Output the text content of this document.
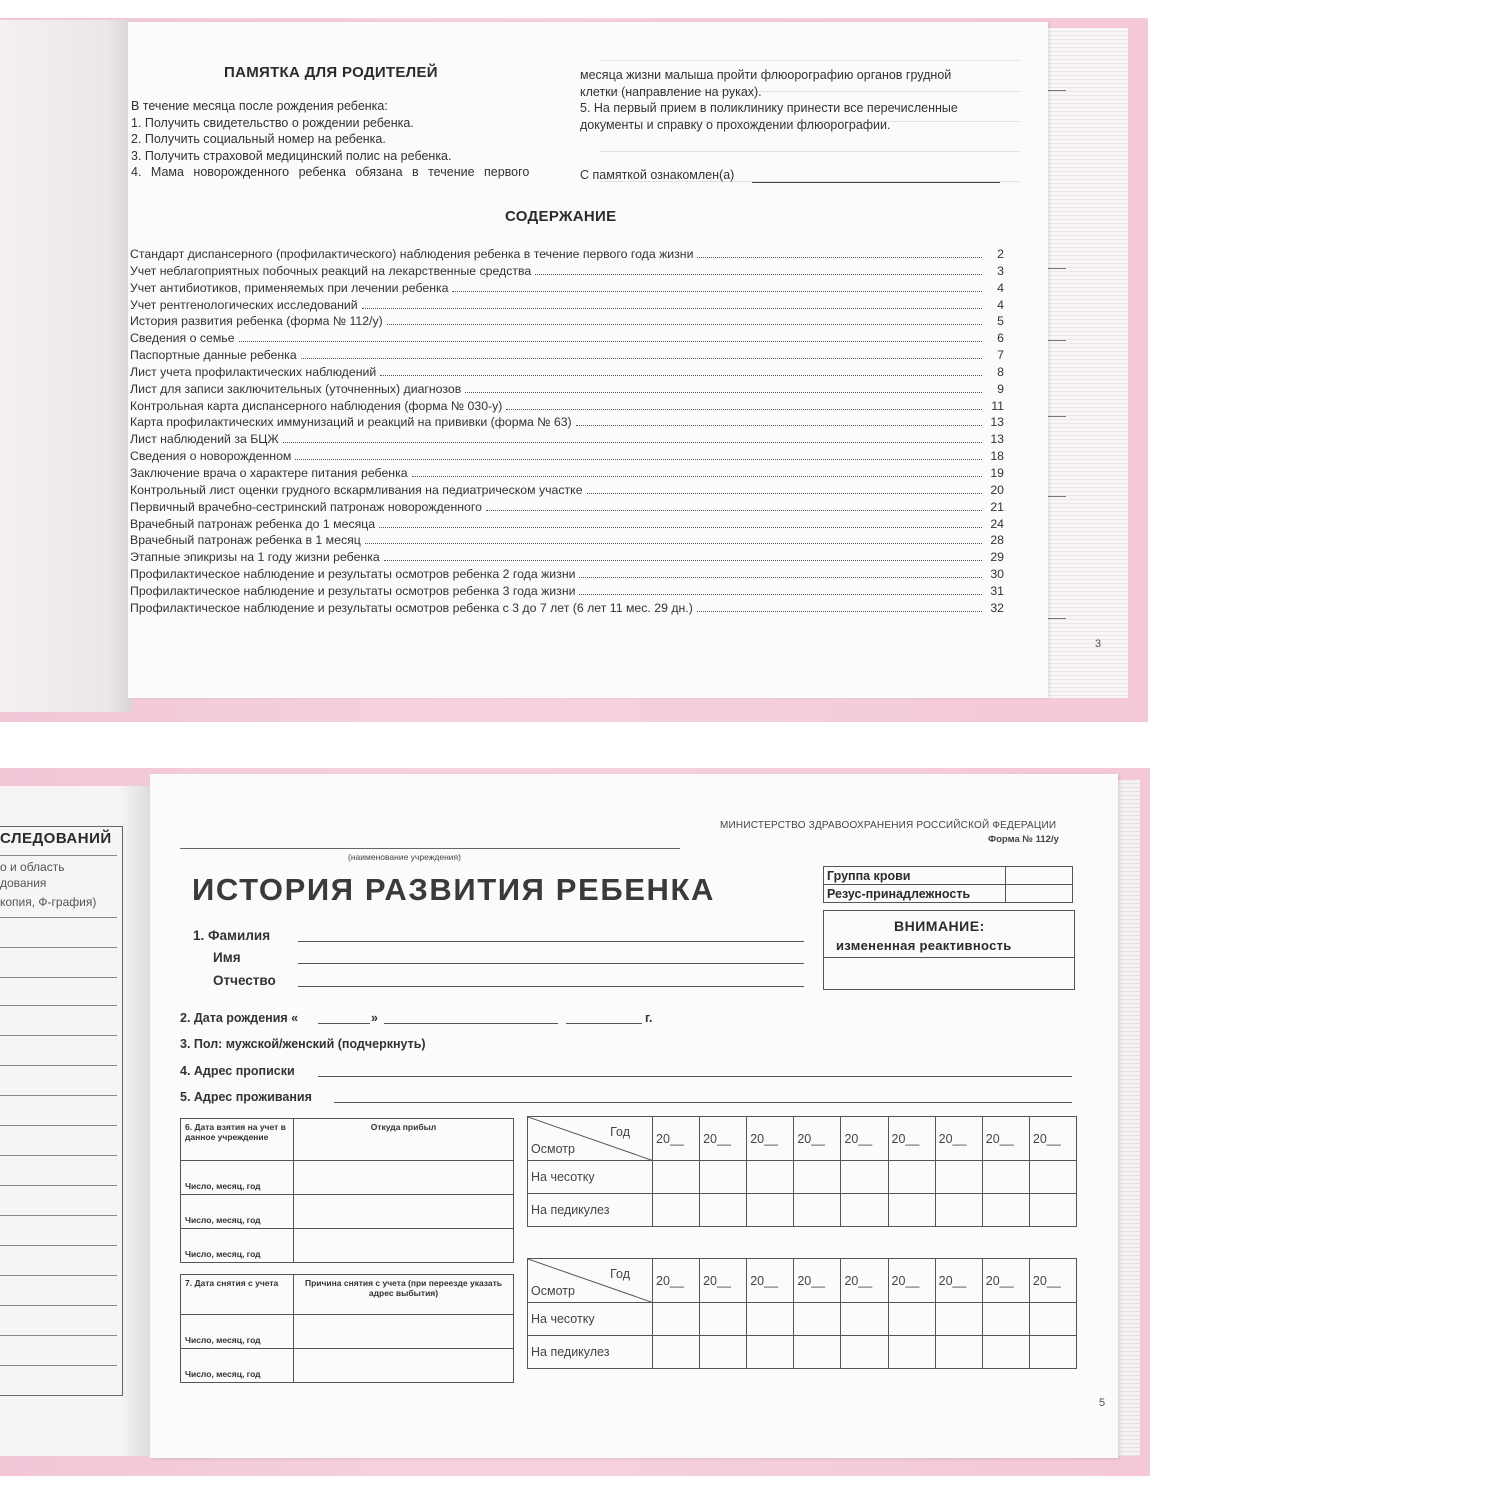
ПАМЯТКА ДЛЯ РОДИТЕЛЕЙ
В течение месяца после рождения ребенка:
1. Получить свидетельство о рождении ребенка.
2. Получить социальный номер на ребенка.
3. Получить страховой медицинский полис на ребенка.
4. Мама новорожденного ребенка обязана в течение первого
месяца жизни малыша пройти флюорографию органов грудной
клетки (направление на руках).
5. На первый прием в поликлинику принести все перечисленные
документы и справку о прохождении флюорографии.
С памяткой ознакомлен(а)
СОДЕРЖАНИЕ
Стандарт диспансерного (профилактического) наблюдения ребенка в течение первого года жизни	2
Учет неблагоприятных побочных реакций на лекарственные средства	3
Учет антибиотиков, применяемых при лечении ребенка	4
Учет рентгенологических исследований	4
История развития ребенка (форма № 112/у)	5
Сведения о семье	6
Паспортные данные ребенка	7
Лист учета профилактических наблюдений	8
Лист для записи заключительных (уточненных) диагнозов	9
Контрольная карта диспансерного наблюдения (форма № 030-у)	11
Карта профилактических иммунизаций и реакций на прививки (форма № 63)	13
Лист наблюдений за БЦЖ	13
Сведения о новорожденном	18
Заключение врача о характере питания ребенка	19
Контрольный лист оценки грудного вскармливания на педиатрическом участке	20
Первичный врачебно-сестринский патронаж новорожденного	21
Врачебный патронаж ребенка до 1 месяца	24
Врачебный патронаж ребенка в 1 месяц	28
Этапные эпикризы на 1 году жизни ребенка	29
Профилактическое наблюдение и результаты осмотров ребенка 2 года жизни	30
Профилактическое наблюдение и результаты осмотров ребенка 3 года жизни	31
Профилактическое наблюдение и результаты осмотров ребенка с 3 до 7 лет (6 лет 11 мес. 29 дн.)	32
3
СЛЕДОВАНИЙ
о и область
дования
копия, Ф-графия)
МИНИСТЕРСТВО ЗДРАВООХРАНЕНИЯ РОССИЙСКОЙ ФЕДЕРАЦИИ
Форма № 112/у
(наименование учреждения)
ИСТОРИЯ РАЗВИТИЯ РЕБЕНКА	Группа крови	
Резус-принадлежность	
ВНИМАНИЕ:
измененная реактивность
1. Фамилия
Имя
Отчество
2. Дата рождения «	»	г.
3. Пол: мужской/женский (подчеркнуть)
4. Адрес прописки
5. Адрес проживания
6. Дата взятия на учет в данное учреждение	Откуда прибыл
Число, месяц, год	
Число, месяц, год	
Число, месяц, год	
7. Дата снятия с учета	Причина снятия с учета (при переезде указать адрес выбытия)
Число, месяц, год	
Число, месяц, год	
Год
Осмотр	20__	20__	20__	20__	20__	20__	20__	20__	20__
На чесотку									
На педикулез									
Год
Осмотр	20__	20__	20__	20__	20__	20__	20__	20__	20__
На чесотку									
На педикулез									
5
